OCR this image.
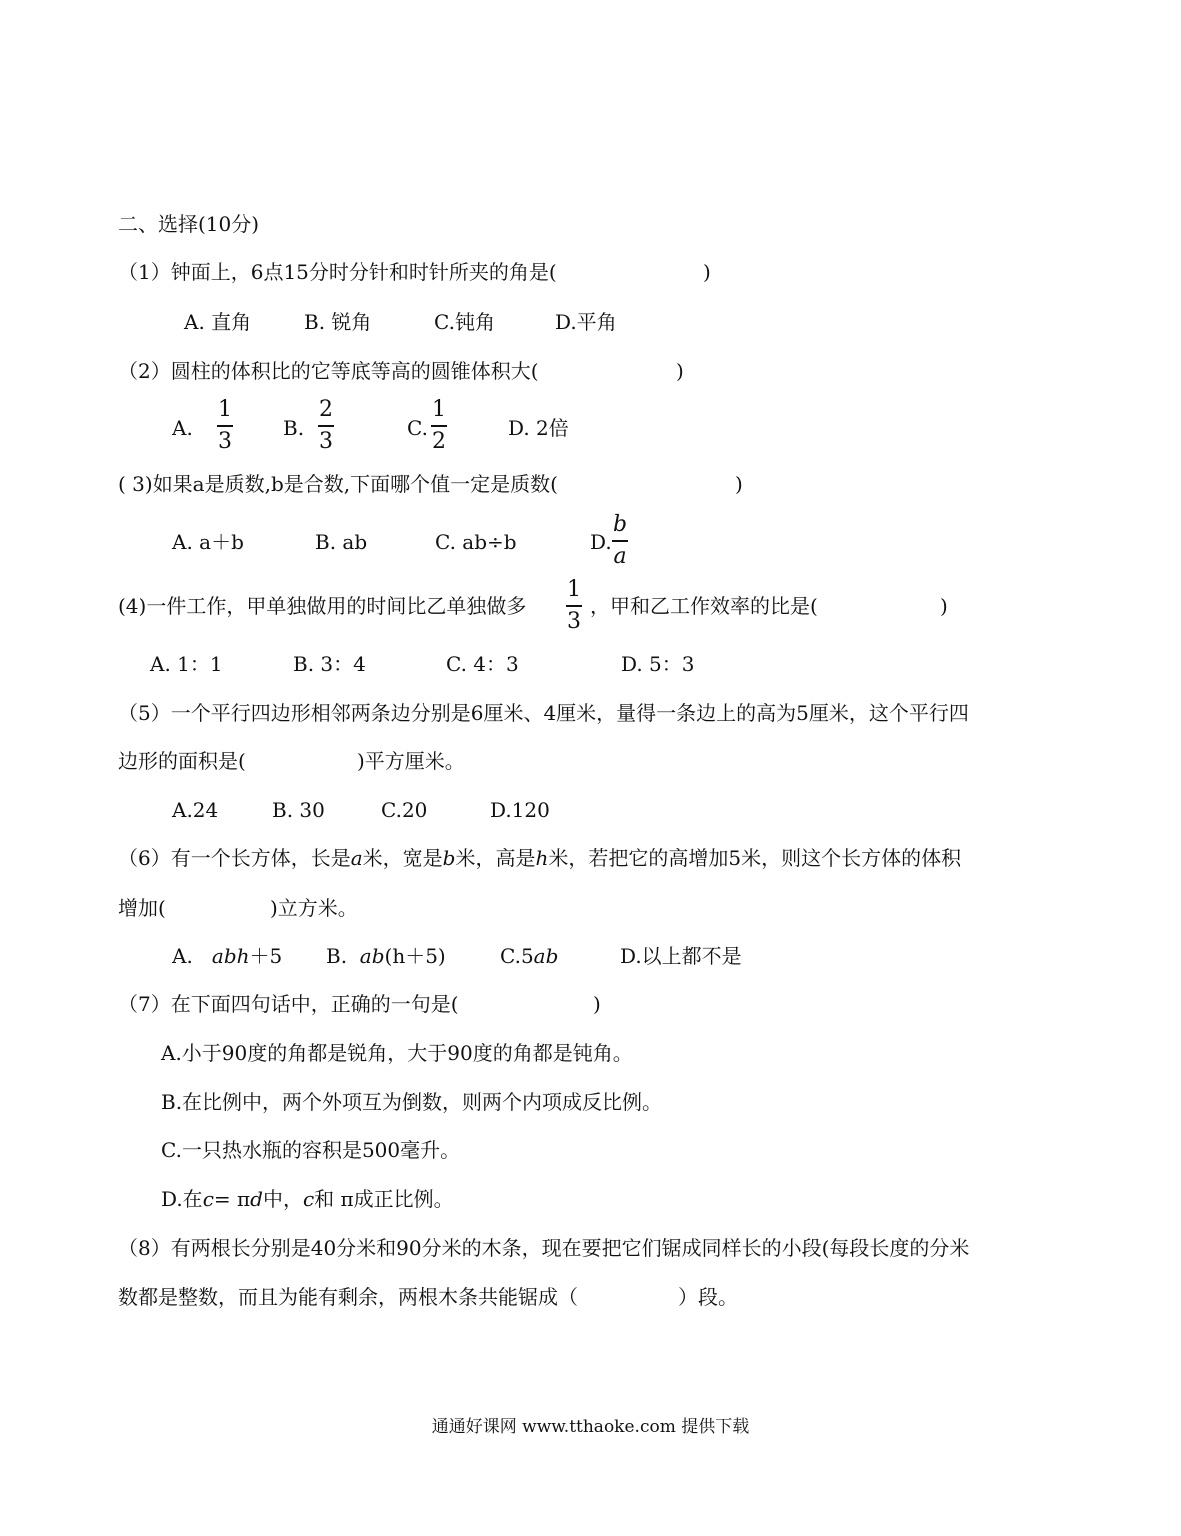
二、选择(10分)
（1）钟面上，6点15分时分针和时针所夹的角是(	)
A. 直角	B. 锐角	C.钝角	D.平角
（2）圆柱的体积比的它等底等高的圆锥体积大(	)
A.
1
3
B.
2
3
C.
1
2
D. 2倍
( 3)如果a是质数,b是合数,下面哪个值一定是质数(	)
A. a＋b	B. ab	C. ab÷b	D.
b
a
(4)一件工作，甲单独做用的时间比乙单独做多
1
3
，甲和乙工作效率的比是(	)
A. 1：1	B. 3：4	C. 4：3	D. 5：3
（5）一个平行四边形相邻两条边分别是6厘米、4厘米，量得一条边上的高为5厘米，这个平行四
边形的面积是(	)平方厘米。
A.24	B. 30	C.20	D.120
（6）有一个长方体，长是a米，宽是b米，高是h米，若把它的高增加5米，则这个长方体的体积
增加(	)立方米。
A. abh＋5 B. ab(h＋5)	C.5ab	D.以上都不是
（7）在下面四句话中，正确的一句是(	)
A.小于90度的角都是锐角，大于90度的角都是钝角。
B.在比例中，两个外项互为倒数，则两个内项成反比例。
C.一只热水瓶的容积是500毫升。
D.在c= πd中，c和 π成正比例。
（8）有两根长分别是40分米和90分米的木条，现在要把它们锯成同样长的小段(每段长度的分米
数都是整数，而且为能有剩余，两根木条共能锯成（	）段。
通通好课网 www.tthaoke.com 提供下载
